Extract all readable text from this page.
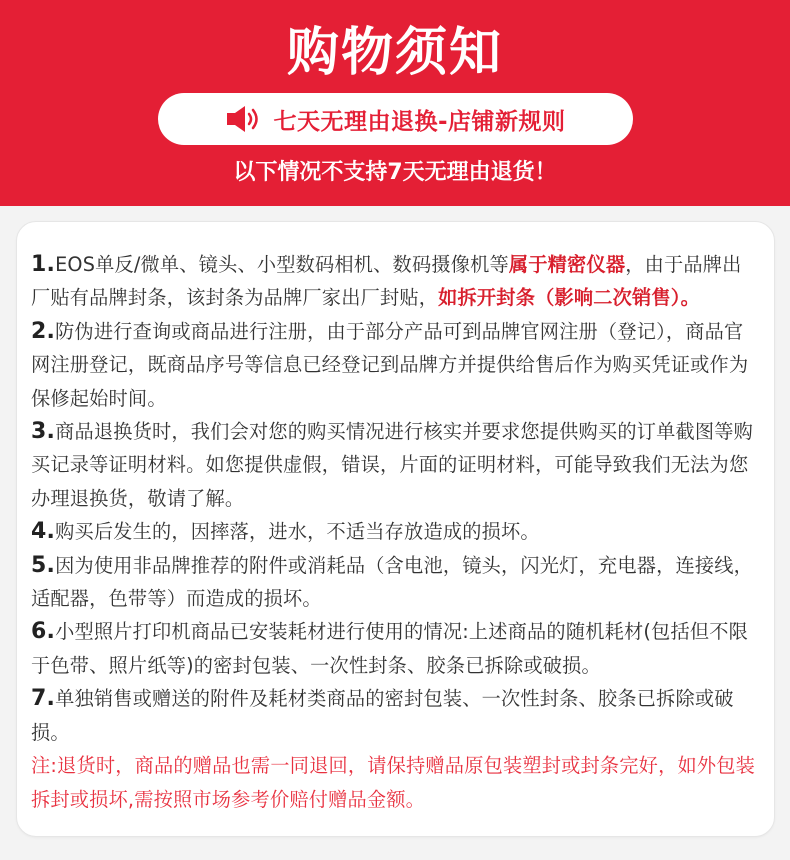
购物须知
七天无理由退换-店铺新规则
以下情况不支持7天无理由退货！

1.EOS单反/微单、镜头、小型数码相机、数码摄像机等属于精密仪器，由于品牌出厂贴有品牌封条，该封条为品牌厂家出厂封贴，如拆开封条（影响二次销售）。

2.防伪进行查询或商品进行注册，由于部分产品可到品牌官网注册（登记），商品官网注册登记，既商品序号等信息已经登记到品牌方并提供给售后作为购买凭证或作为保修起始时间。

3.商品退换货时，我们会对您的购买情况进行核实并要求您提供购买的订单截图等购买记录等证明材料。如您提供虚假，错误，片面的证明材料，可能导致我们无法为您办理退换货，敬请了解。

4.购买后发生的，因摔落，进水，不适当存放造成的损坏。

5.因为使用非品牌推荐的附件或消耗品（含电池，镜头，闪光灯，充电器，连接线，适配器，色带等）而造成的损坏。

6.小型照片打印机商品已安装耗材进行使用的情况:上述商品的随机耗材(包括但不限于色带、照片纸等)的密封包装、一次性封条、胶条已拆除或破损。

7.单独销售或赠送的附件及耗材类商品的密封包装、一次性封条、胶条已拆除或破损。

注:退货时，商品的赠品也需一同退回，请保持赠品原包装塑封或封条完好，如外包装拆封或损坏,需按照市场参考价赔付赠品金额。
